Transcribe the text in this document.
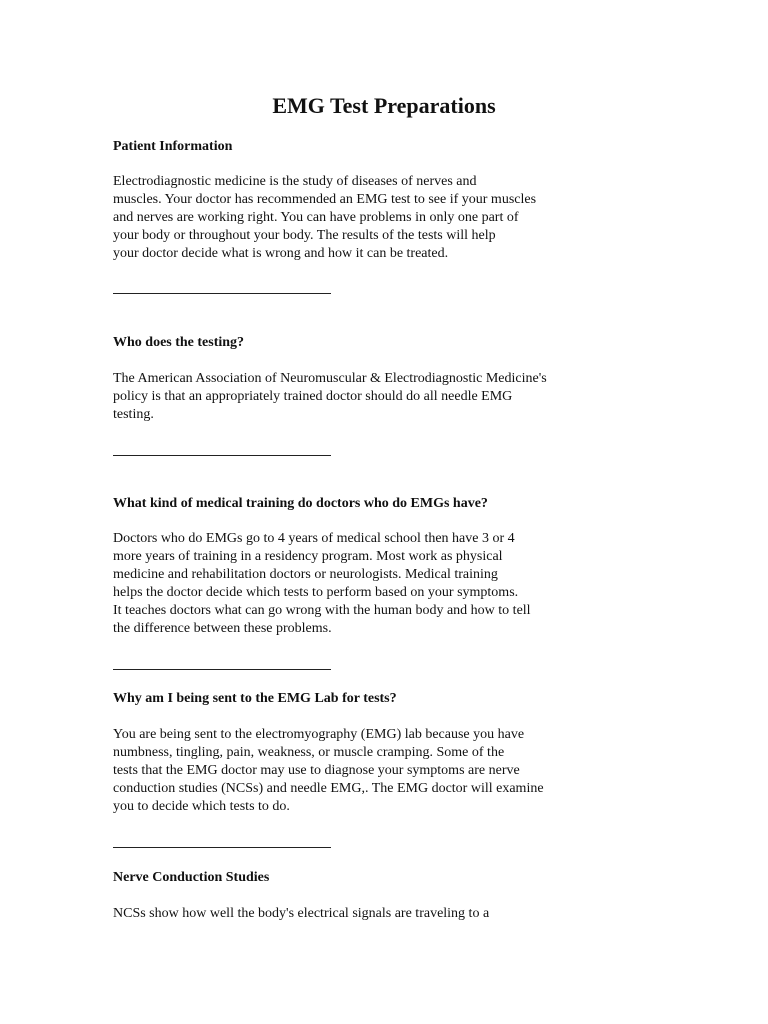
EMG Test Preparations
Patient Information
Electrodiagnostic medicine is the study of diseases of nerves and
muscles. Your doctor has recommended an EMG test to see if your muscles
and nerves are working right. You can have problems in only one part of
your body or throughout your body. The results of the tests will help
your doctor decide what is wrong and how it can be treated.
Who does the testing?
The American Association of Neuromuscular & Electrodiagnostic Medicine's
policy is that an appropriately trained doctor should do all needle EMG
testing.
What kind of medical training do doctors who do EMGs have?
Doctors who do EMGs go to 4 years of medical school then have 3 or 4
more years of training in a residency program. Most work as physical
medicine and rehabilitation doctors or neurologists. Medical training
helps the doctor decide which tests to perform based on your symptoms.
It teaches doctors what can go wrong with the human body and how to tell
the difference between these problems.
Why am I being sent to the EMG Lab for tests?
You are being sent to the electromyography (EMG) lab because you have
numbness, tingling, pain, weakness, or muscle cramping. Some of the
tests that the EMG doctor may use to diagnose your symptoms are nerve
conduction studies (NCSs) and needle EMG,. The EMG doctor will examine
you to decide which tests to do.
Nerve Conduction Studies
NCSs show how well the body's electrical signals are traveling to a
